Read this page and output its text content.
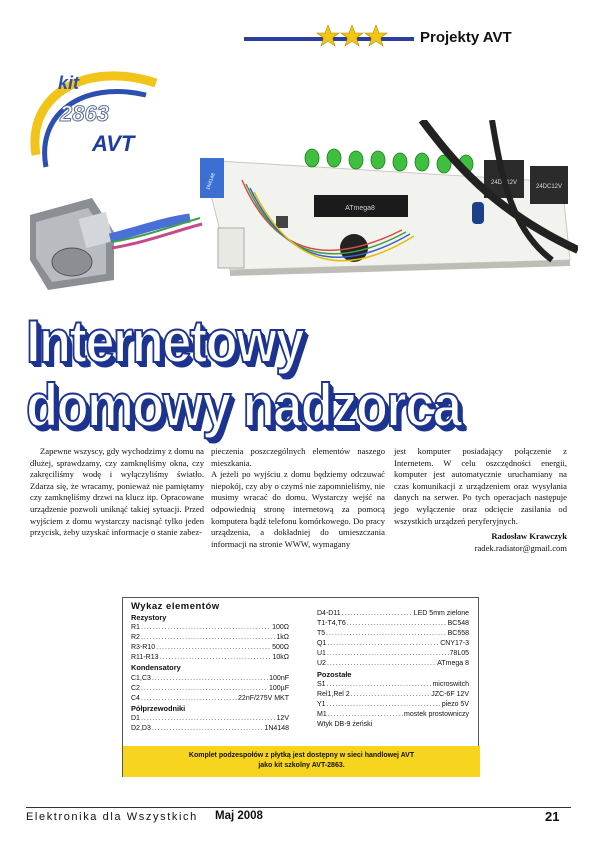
Projekty AVT
ATmega8
24DC12V
24DC12V
1N4148
kit
2863
AVT
Internetowy
domowy nadzorca

Zapewne wszyscy, gdy wychodzimy z domu na dłużej, sprawdzamy, czy zamknęliśmy okna, czy zakręciliśmy wodę i wyłączyliśmy światło. Zdarza się, że wracamy, ponieważ nie pamiętamy czy zamknęliśmy drzwi na klucz itp. Opracowane urządzenie pozwoli uniknąć takiej sytuacji. Przed wyjściem z domu wystarczy nacisnąć tylko jeden przycisk, żeby uzyskać informacje o stanie zabez-

pieczenia poszczególnych elementów naszego mieszkania.
A jeżeli po wyjściu z domu będziemy odczuwać niepokój, czy aby o czymś nie zapomnieliśmy, nie musimy wracać do domu. Wystarczy wejść na odpowiednią stronę internetową za pomocą komputera bądź telefonu komórkowego. Do pracy urządzenia, a dokładniej do umieszczania informacji na stronie WWW, wymagany

jest komputer posiadający połączenie z Internetem. W celu oszczędności energii, komputer jest automatycznie uruchamiany na czas komunikacji z urządzeniem oraz wysyłania danych na serwer. Po tych operacjach następuje jego wyłączenie oraz odcięcie zasilania od wszystkich urządzeń peryferyjnych.

Radosław Krawczyk

radek.radiator@gmail.com

Wykaz elementów
Rezystory
R1 .....	100Ω
R2 .....	1kΩ
R3-R10 .....	500Ω
R11-R13 .....	10kΩ
Kondensatory
C1,C3 .....	100nF
C2 .....	100µF
C4 .....	22nF/275V MKT
Półprzewodniki
D1 .....	12V
D2,D3 .....	1N4148
D4-D11 .....	LED 5mm zielone
T1-T4,T6 .....	BC548
T5 .....	BC558
Q1 .....	CNY17-3
U1 .....	78L05
U2 .....	ATmega 8
Pozostałe
S1 .....	microswitch
Rel1,Rel 2 .....	JZC-6F 12V
Y1 .....	piezo 5V
M1 .....	mostek prostowniczy
Wtyk DB-9 żeński
Komplet podzespołów z płytką jest dostępny w sieci handlowej AVT
jako kit szkolny AVT-2863.
Elektronika dla Wszystkich Maj 2008	21
